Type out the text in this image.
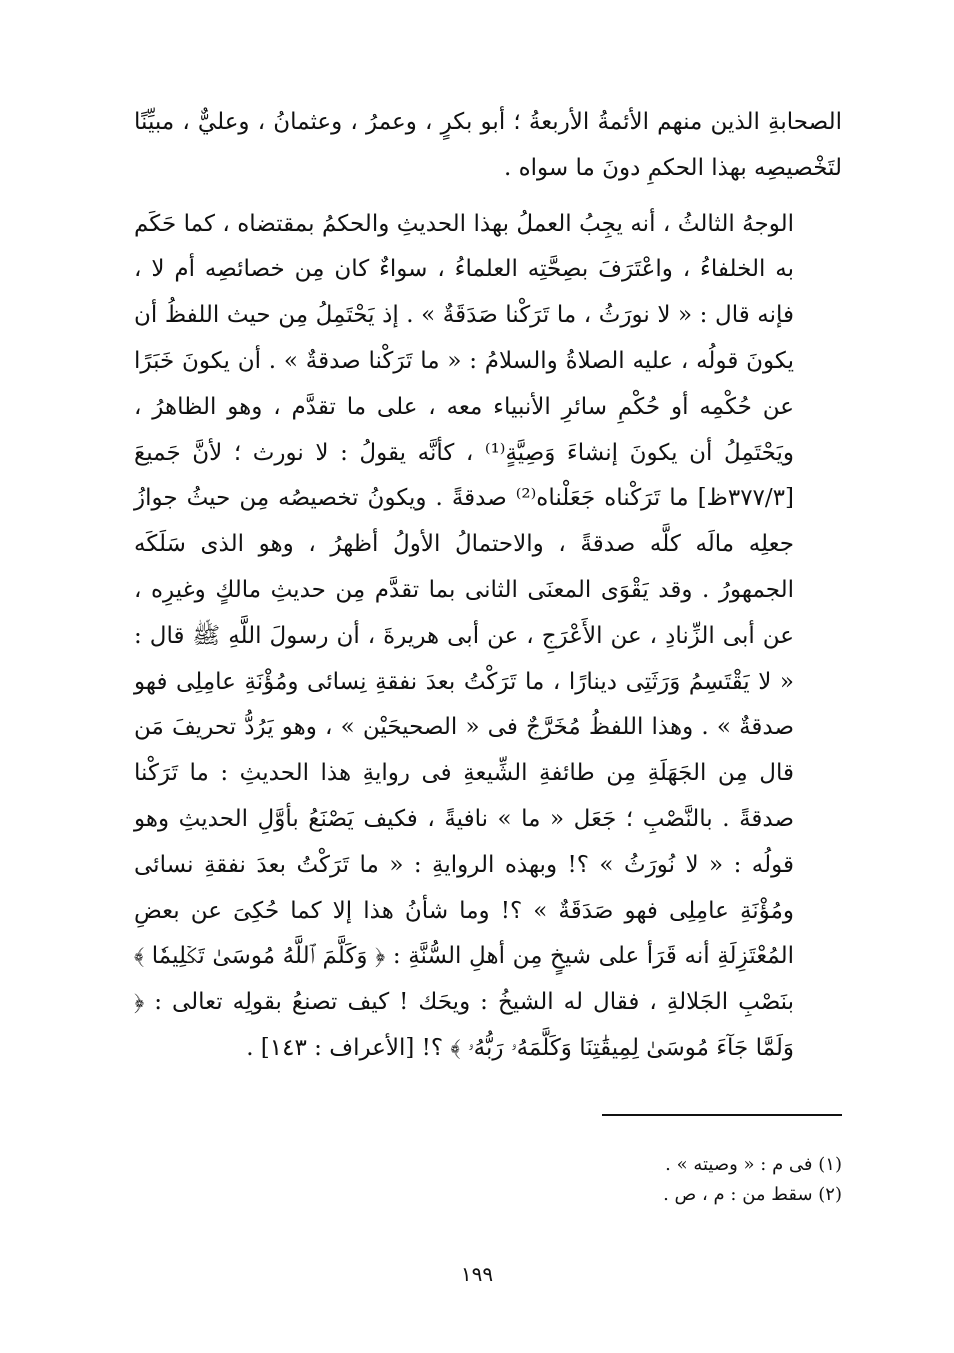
الصحابةِ الذين منهم الأئمةُ الأربعةُ ؛ أبو بكرٍ ، وعمرُ ، وعثمانُ ، وعليٌّ ، مبيِّنًا لتَخْصيصِه بهذا الحكمِ دونَ ما سواه .

الوجهُ الثالثُ ، أنه يجِبُ العملُ بهذا الحديثِ والحكمُ بمقتضاه ، كما حَكَم به الخلفاءُ ، واعْتَرَفَ بصِحَّتِه العلماءُ ، سواءٌ كان مِن خصائصِه أم لا ، فإنه قال : « لا نورَثُ ، ما تَرَكْنا صَدَقَةٌ » . إذ يَحْتَمِلُ مِن حيث اللفظُ أن يكونَ قولُه ، عليه الصلاةُ والسلامُ : « ما تَرَكْنا صدقةٌ » . أن يكونَ خَبَرًا عن حُكْمِه أو حُكْمِ سائرِ الأنبياء معه ، على ما تقدَّم ، وهو الظاهرُ ، ويَحْتَمِلُ أن يكونَ إنشاءَ وَصِيَّةٍ⁽¹⁾ ، كأنَّه يقولُ : لا نورث ؛ لأنَّ جَميعَ [٣٧٧/٣ظ] ما تَرَكْناه جَعَلْناه⁽²⁾ صدقةً . ويكونُ تخصيصُه مِن حيثُ جوازُ جعلِه مالَه كلَّه صدقةً ، والاحتمالُ الأولُ أظهرُ ، وهو الذى سَلَكَه الجمهورُ . وقد يَقْوَى المعنَى الثانى بما تقدَّم مِن حديثِ مالكٍ وغيرِه ، عن أبى الزِّنادِ ، عن الأَعْرَجِ ، عن أبى هريرةَ ، أن رسولَ اللَّهِ ﷺ قال : « لا يَقْتَسِمُ وَرَثَتِى دينارًا ، ما تَرَكْتُ بعدَ نفقةِ نِسائى ومُؤْنَةِ عامِلِى فهو صدقةٌ » . وهذا اللفظُ مُخَرَّجٌ فى « الصحيحَيْن » ، وهو يَرُدُّ تحريفَ مَن قال مِن الجَهَلَةِ مِن طائفةِ الشِّيعةِ فى روايةِ هذا الحديثِ : ما تَرَكْنا صدقةً . بالنَّصْبِ ؛ جَعَل « ما » نافيةً ، فكيف يَصْنَعُ بأوَّلِ الحديثِ وهو قولُه : « لا نُورَثُ » ؟! وبهذه الروايةِ : « ما تَرَكْتُ بعدَ نفقةِ نسائى ومُؤْنَةِ عامِلِى فهو صَدَقَةٌ » ؟! وما شأنُ هذا إلا كما حُكِىَ عن بعضِ المُعْتَزِلَةِ أنه قَرَأ على شيخٍ مِن أهلِ السُّنَّةِ : ﴿ وَكَلَّمَ ٱللَّهُ مُوسَىٰ تَكۡلِيمٗا ﴾ بنَصْبِ الجَلالةِ ، فقال له الشيخُ : ويحَك ! كيف تصنعُ بقولِه تعالى : ﴿ وَلَمَّا جَآءَ مُوسَىٰ لِمِيقَٰتِنَا وَكَلَّمَهُۥ رَبُّهُۥ ﴾ ؟! [الأعراف : ١٤٣] .

(١) فى م : « وصيته » .
(٢) سقط من : م ، ص .
١٩٩
